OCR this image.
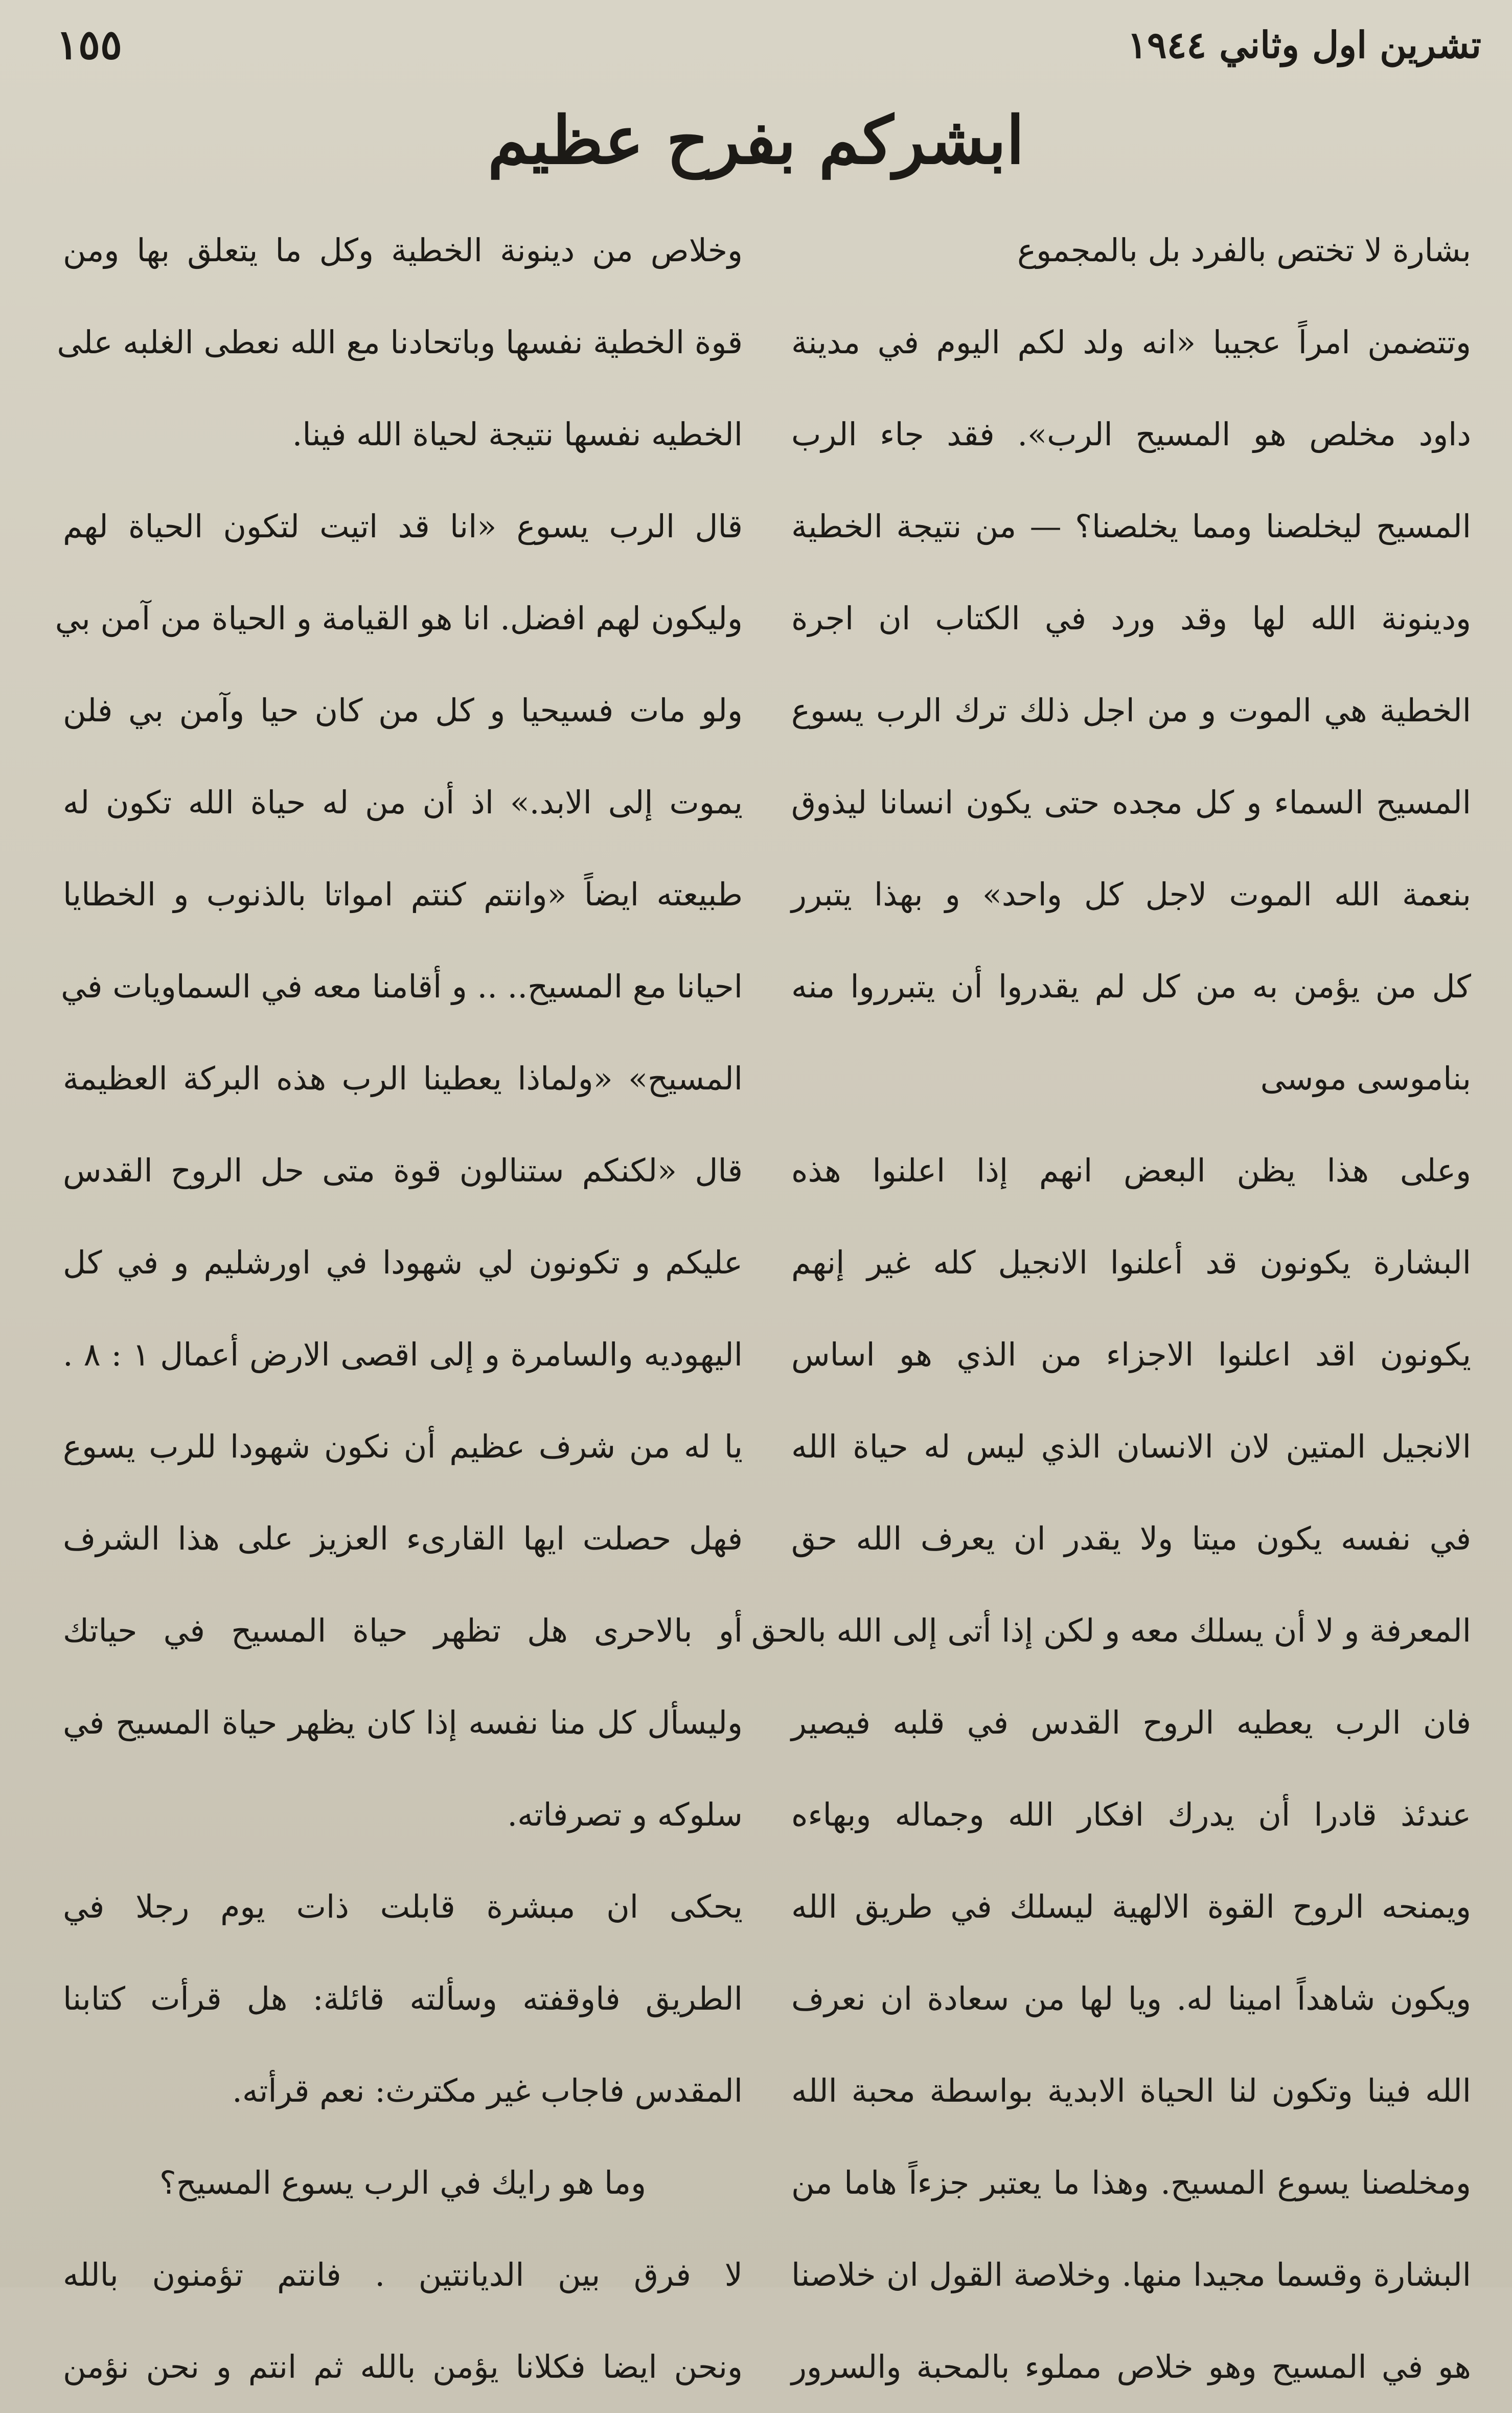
١٥٥	تشرين اول وثاني ١٩٤٤
ابشركم بفرح عظيم
بشارة لا تختص بالفرد بل بالمجموع
وتتضمن امراً عجيبا «انه ولد لكم اليوم في مدينة
داود مخلص هو المسيح الرب». فقد جاء الرب
المسيح ليخلصنا ومما يخلصنا؟ — من نتيجة الخطية
ودينونة الله لها وقد ورد في الكتاب ان اجرة
الخطية هي الموت و من اجل ذلك ترك الرب يسوع
المسيح السماء و كل مجده حتى يكون انسانا ليذوق
بنعمة الله الموت لاجل كل واحد» و بهذا يتبرر
كل من يؤمن به من كل لم يقدروا أن يتبرروا منه
بناموسى موسى
وعلى هذا يظن البعض انهم إذا اعلنوا هذه
البشارة يكونون قد أعلنوا الانجيل كله غير إنهم
يكونون اقد اعلنوا الاجزاء من الذي هو اساس
الانجيل المتين لان الانسان الذي ليس له حياة الله
في نفسه يكون ميتا ولا يقدر ان يعرف الله حق
المعرفة و لا أن يسلك معه و لكن إذا أتى إلى الله بالحق
فان الرب يعطيه الروح القدس في قلبه فيصير
عندئذ قادرا أن يدرك افكار الله وجماله وبهاءه
ويمنحه الروح القوة الالهية ليسلك في طريق الله
ويكون شاهداً امينا له. ويا لها من سعادة ان نعرف
الله فينا وتكون لنا الحياة الابدية بواسطة محبة الله
ومخلصنا يسوع المسيح. وهذا ما يعتبر جزءاً هاما من
البشارة وقسما مجيدا منها. وخلاصة القول ان خلاصنا
هو في المسيح وهو خلاص مملوء بالمحبة والسرور
وخلاص من دينونة الخطية وكل ما يتعلق بها ومن
قوة الخطية نفسها وباتحادنا مع الله نعطى الغلبه على
الخطيه نفسها نتيجة لحياة الله فينا.
قال الرب يسوع «انا قد اتيت لتكون الحياة لهم
وليكون لهم افضل. انا هو القيامة و الحياة من آمن بي
ولو مات فسيحيا و كل من كان حيا وآمن بي فلن
يموت إلى الابد.» اذ أن من له حياة الله تكون له
طبيعته ايضاً «وانتم كنتم امواتا بالذنوب و الخطايا
احيانا مع المسيح.. .. و أقامنا معه في السماويات في
المسيح» «ولماذا يعطينا الرب هذه البركة العظيمة
قال «لكنكم ستنالون قوة متى حل الروح القدس
عليكم و تكونون لي شهودا في اورشليم و في كل
اليهوديه والسامرة و إلى اقصى الارض أعمال ١ : ٨ .
يا له من شرف عظيم أن نكون شهودا للرب يسوع
فهل حصلت ايها القارىء العزيز على هذا الشرف
أو بالاحرى هل تظهر حياة المسيح في حياتك
وليسأل كل منا نفسه إذا كان يظهر حياة المسيح في
سلوكه و تصرفاته.
يحكى ان مبشرة قابلت ذات يوم رجلا في
الطريق فاوقفته وسألته قائلة: هل قرأت كتابنا
المقدس فاجاب غير مكترث: نعم قرأته.
وما هو رايك في الرب يسوع المسيح؟
لا فرق بين الديانتين . فانتم تؤمنون بالله
ونحن ايضا فكلانا يؤمن بالله ثم انتم و نحن نؤمن
